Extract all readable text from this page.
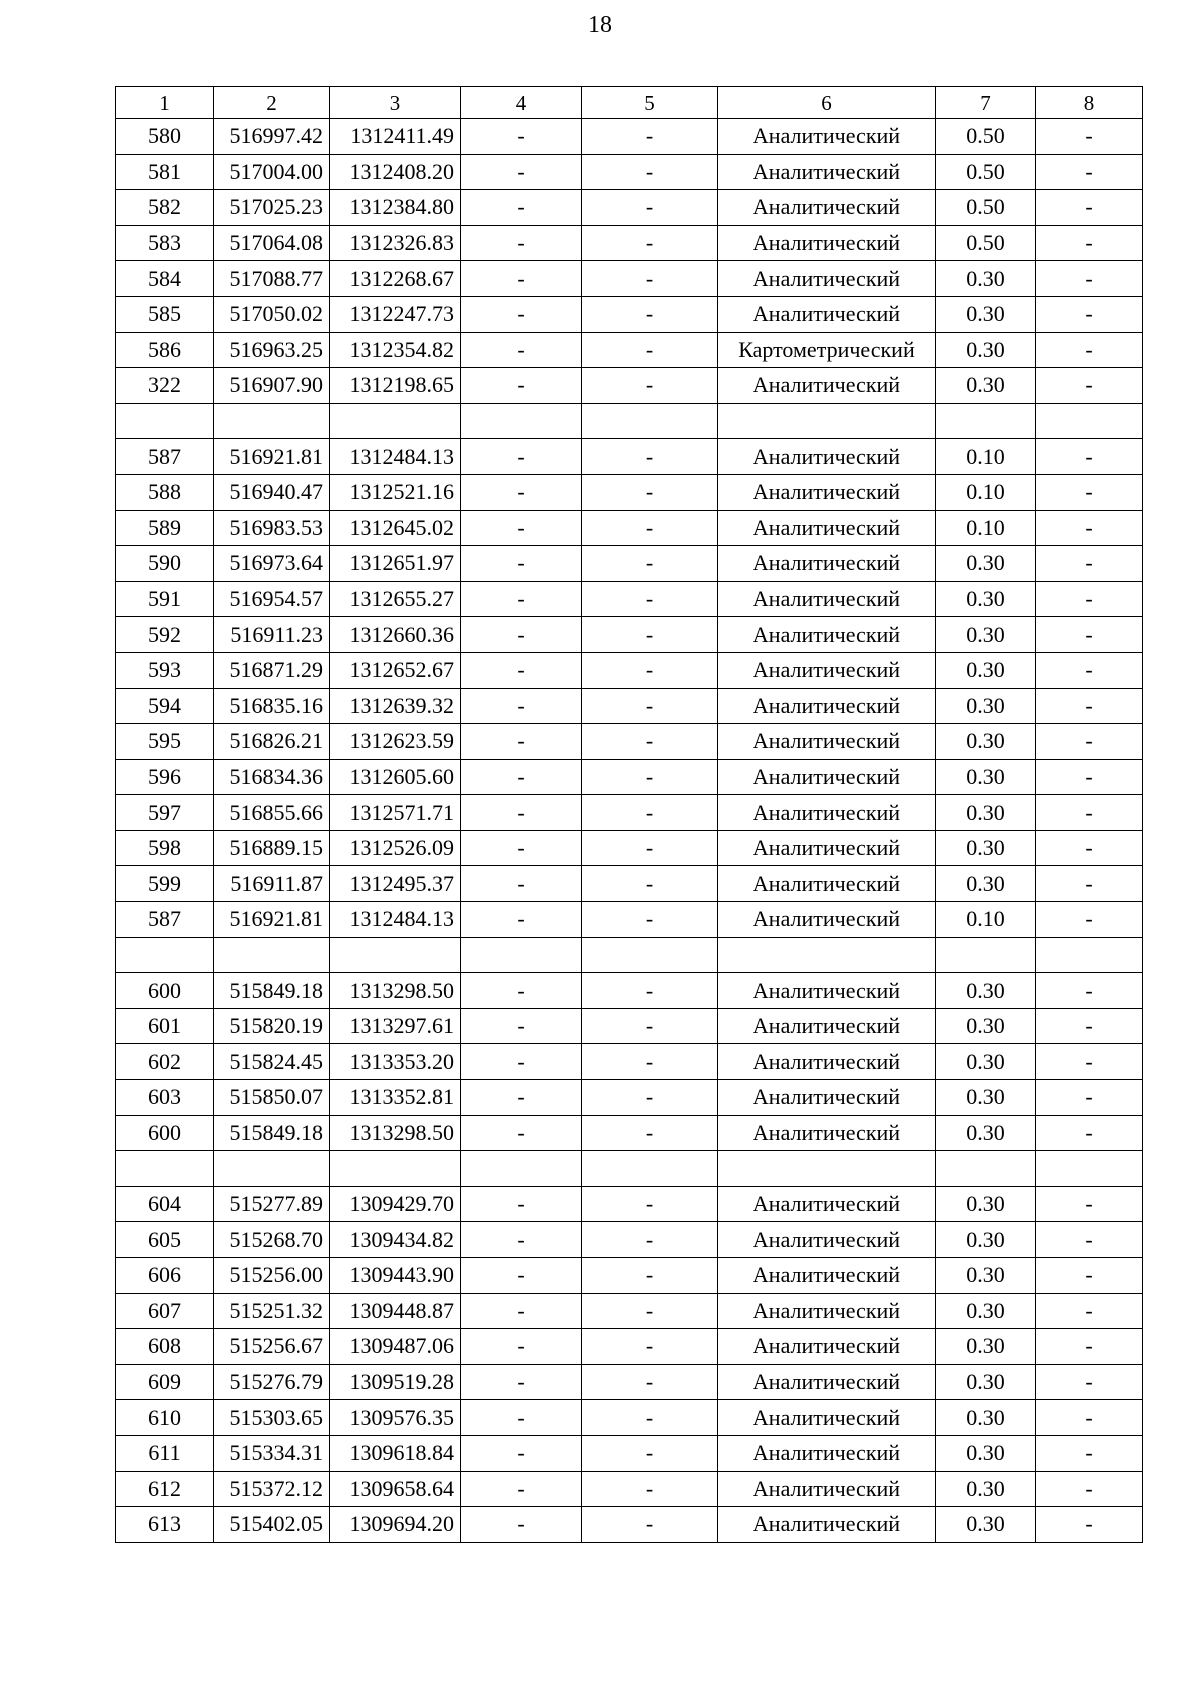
18
1	2	3	4	5	6	7	8
580	516997.42	1312411.49	-	-	Аналитический	0.50	-
581	517004.00	1312408.20	-	-	Аналитический	0.50	-
582	517025.23	1312384.80	-	-	Аналитический	0.50	-
583	517064.08	1312326.83	-	-	Аналитический	0.50	-
584	517088.77	1312268.67	-	-	Аналитический	0.30	-
585	517050.02	1312247.73	-	-	Аналитический	0.30	-
586	516963.25	1312354.82	-	-	Картометрический	0.30	-
322	516907.90	1312198.65	-	-	Аналитический	0.30	-

587	516921.81	1312484.13	-	-	Аналитический	0.10	-
588	516940.47	1312521.16	-	-	Аналитический	0.10	-
589	516983.53	1312645.02	-	-	Аналитический	0.10	-
590	516973.64	1312651.97	-	-	Аналитический	0.30	-
591	516954.57	1312655.27	-	-	Аналитический	0.30	-
592	516911.23	1312660.36	-	-	Аналитический	0.30	-
593	516871.29	1312652.67	-	-	Аналитический	0.30	-
594	516835.16	1312639.32	-	-	Аналитический	0.30	-
595	516826.21	1312623.59	-	-	Аналитический	0.30	-
596	516834.36	1312605.60	-	-	Аналитический	0.30	-
597	516855.66	1312571.71	-	-	Аналитический	0.30	-
598	516889.15	1312526.09	-	-	Аналитический	0.30	-
599	516911.87	1312495.37	-	-	Аналитический	0.30	-
587	516921.81	1312484.13	-	-	Аналитический	0.10	-

600	515849.18	1313298.50	-	-	Аналитический	0.30	-
601	515820.19	1313297.61	-	-	Аналитический	0.30	-
602	515824.45	1313353.20	-	-	Аналитический	0.30	-
603	515850.07	1313352.81	-	-	Аналитический	0.30	-
600	515849.18	1313298.50	-	-	Аналитический	0.30	-

604	515277.89	1309429.70	-	-	Аналитический	0.30	-
605	515268.70	1309434.82	-	-	Аналитический	0.30	-
606	515256.00	1309443.90	-	-	Аналитический	0.30	-
607	515251.32	1309448.87	-	-	Аналитический	0.30	-
608	515256.67	1309487.06	-	-	Аналитический	0.30	-
609	515276.79	1309519.28	-	-	Аналитический	0.30	-
610	515303.65	1309576.35	-	-	Аналитический	0.30	-
611	515334.31	1309618.84	-	-	Аналитический	0.30	-
612	515372.12	1309658.64	-	-	Аналитический	0.30	-
613	515402.05	1309694.20	-	-	Аналитический	0.30	-
